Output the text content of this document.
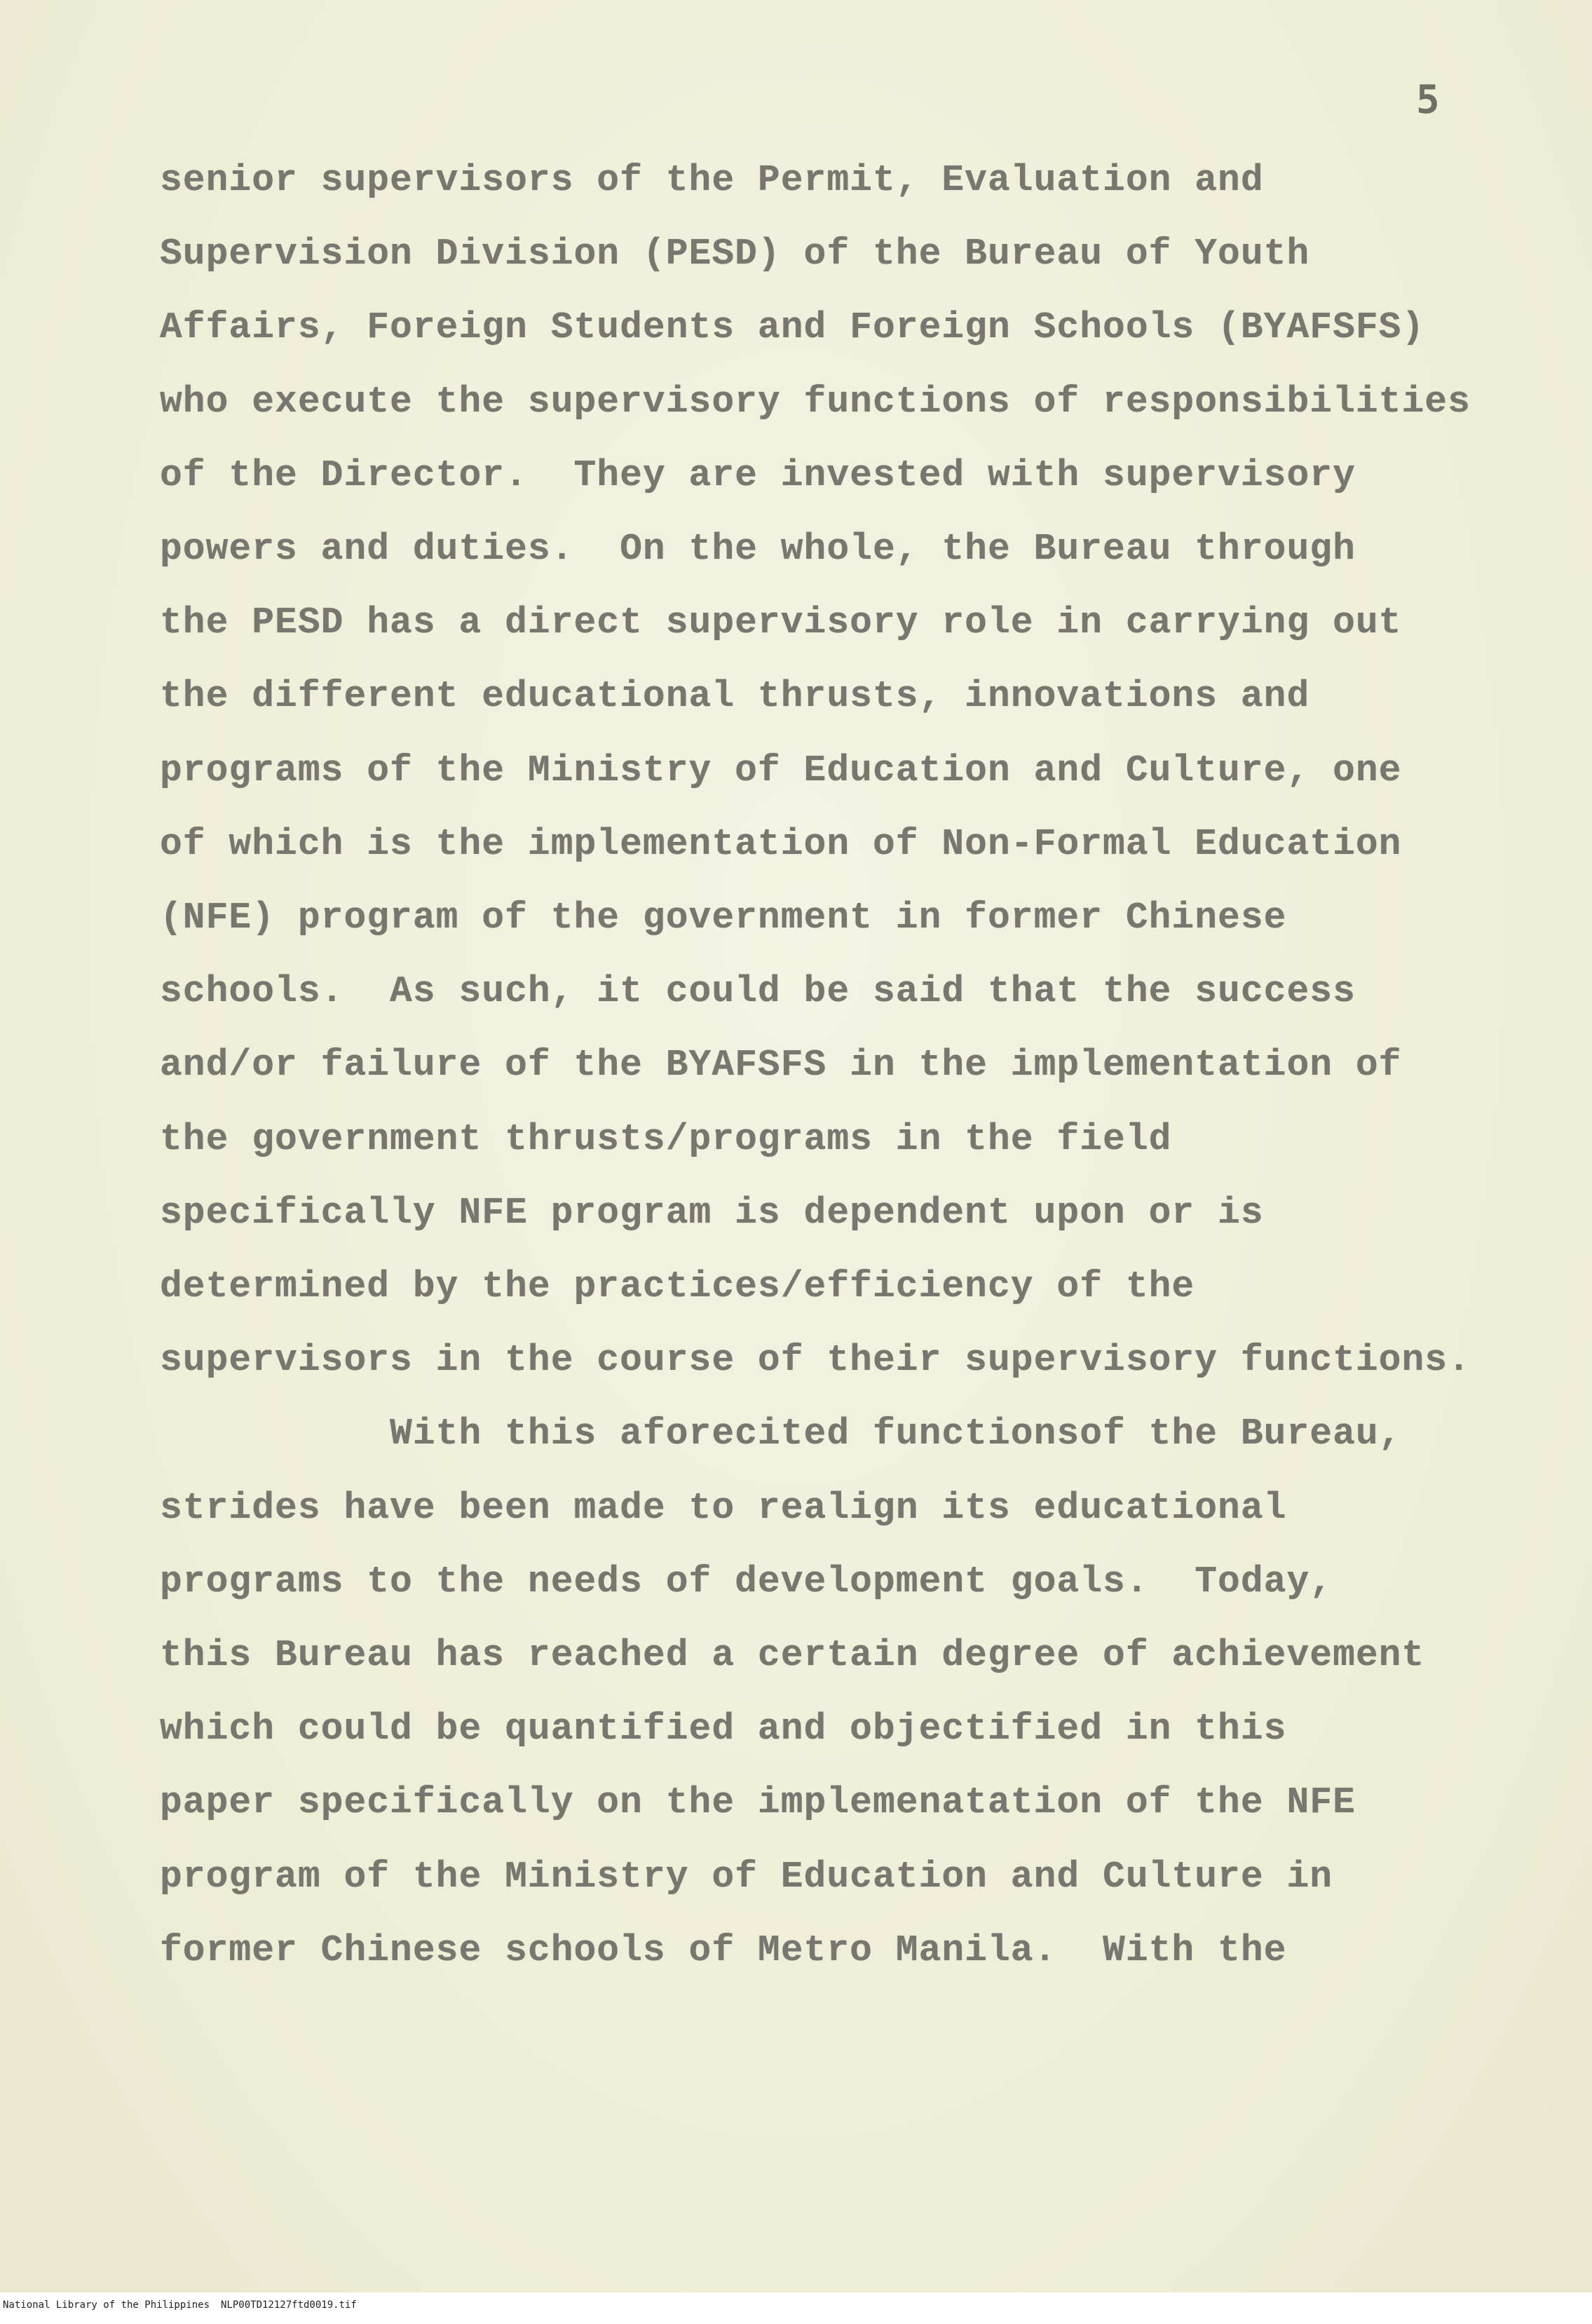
5
senior supervisors of the Permit, Evaluation and
Supervision Division (PESD) of the Bureau of Youth
Affairs, Foreign Students and Foreign Schools (BYAFSFS)
who execute the supervisory functions of responsibilities
of the Director.  They are invested with supervisory
powers and duties.  On the whole, the Bureau through
the PESD has a direct supervisory role in carrying out
the different educational thrusts, innovations and
programs of the Ministry of Education and Culture, one
of which is the implementation of Non-Formal Education
(NFE) program of the government in former Chinese
schools.  As such, it could be said that the success
and/or failure of the BYAFSFS in the implementation of
the government thrusts/programs in the field
specifically NFE program is dependent upon or is
determined by the practices/efficiency of the
supervisors in the course of their supervisory functions.
With this aforecited functionsof the Bureau,
strides have been made to realign its educational
programs to the needs of development goals.  Today,
this Bureau has reached a certain degree of achievement
which could be quantified and objectified in this
paper specifically on the implemenatation of the NFE
program of the Ministry of Education and Culture in
former Chinese schools of Metro Manila.  With the
National Library of the Philippines NLP00TD12127ftd0019.tif
